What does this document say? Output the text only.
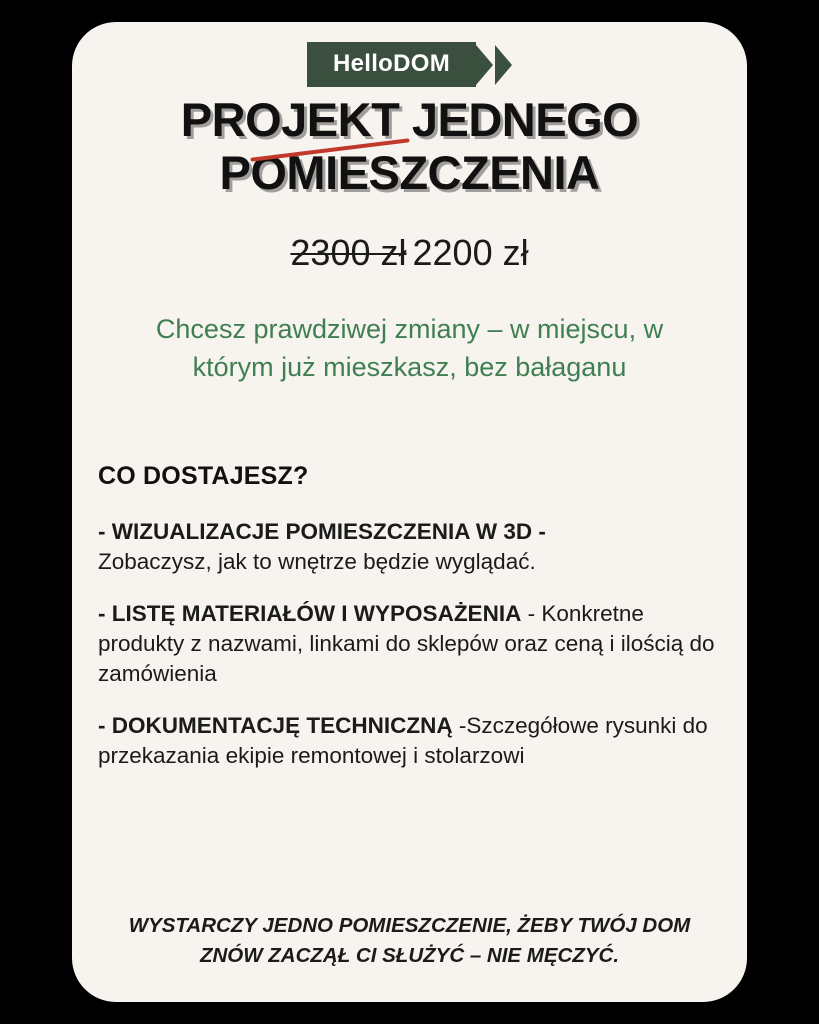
HelloDOM
PROJEKT JEDNEGO
POMIESZCZENIA
2300 zł 2200 zł
Chcesz prawdziwej zmiany – w miejscu, w którym już mieszkasz, bez bałaganu
CO DOSTAJESZ?
- WIZUALIZACJE POMIESZCZENIA W 3D -
Zobaczysz, jak to wnętrze będzie wyglądać.
- LISTĘ MATERIAŁÓW I WYPOSAŻENIA - Konkretne produkty z nazwami, linkami do sklepów oraz ceną i ilością do zamówienia
- DOKUMENTACJĘ TECHNICZNĄ -Szczegółowe rysunki do przekazania ekipie remontowej i stolarzowi
WYSTARCZY JEDNO POMIESZCZENIE, ŻEBY TWÓJ DOM
ZNÓW ZACZĄŁ CI SŁUŻYĆ – NIE MĘCZYĆ.
